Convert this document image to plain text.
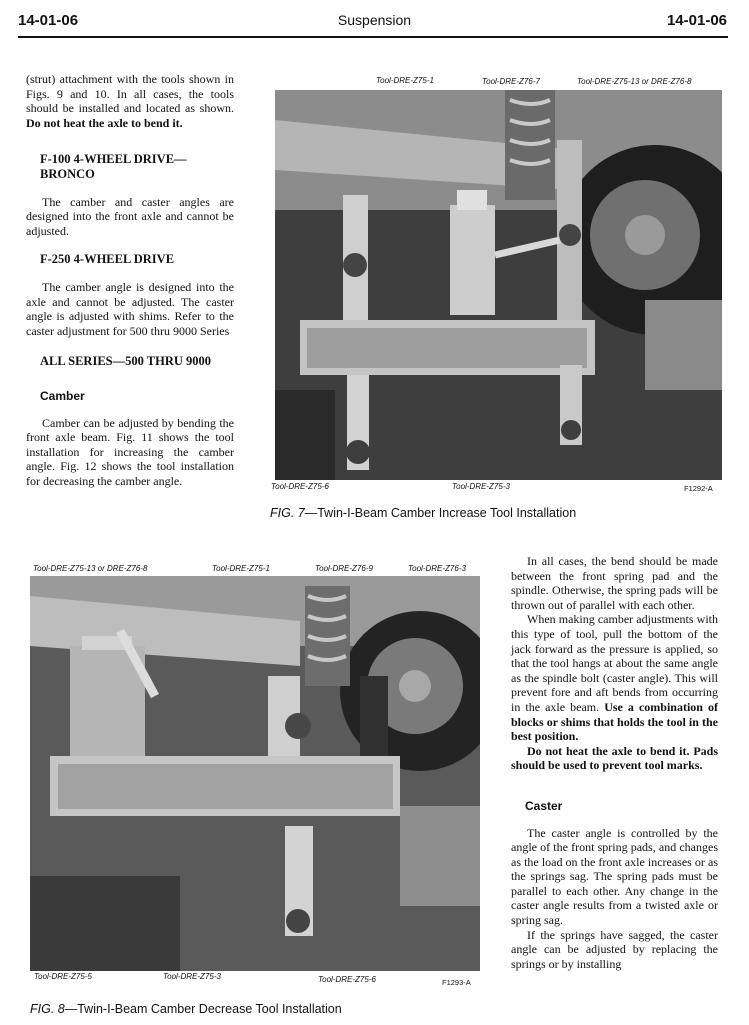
14-01-06	Suspension	14-01-06

(strut) attachment with the tools shown in Figs. 9 and 10. In all cases, the tools should be installed and located as shown. Do not heat the axle to bend it.

F-100 4-WHEEL DRIVE—BRONCO

The camber and caster angles are designed into the front axle and cannot be adjusted.

F-250 4-WHEEL DRIVE

The camber angle is designed into the axle and cannot be adjusted. The caster angle is adjusted with shims. Refer to the caster adjustment for 500 thru 9000 Series

ALL SERIES—500 THRU 9000

Camber

Camber can be adjusted by bending the front axle beam. Fig. 11 shows the tool installation for increasing the camber angle. Fig. 12 shows the tool installation for decreasing the camber angle.

Tool-DRE-Z75-1	Tool-DRE-Z76-7	Tool-DRE-Z75-13 or DRE-Z76-8
Tool-DRE-Z75-6	Tool-DRE-Z75-3	F1292-A
FIG. 7—Twin-I-Beam Camber Increase Tool Installation
Tool-DRE-Z75-13 or DRE-Z76-8	Tool-DRE-Z75-1	Tool-DRE-Z76-9	Tool-DRE-Z76-3
Tool-DRE-Z75-5	Tool-DRE-Z75-3	Tool-DRE-Z75-6	F1293-A
FIG. 8—Twin-I-Beam Camber Decrease Tool Installation

In all cases, the bend should be made between the front spring pad and the spindle. Otherwise, the spring pads will be thrown out of parallel with each other.

When making camber adjustments with this type of tool, pull the bottom of the jack forward as the pressure is applied, so that the tool hangs at about the same angle as the spindle bolt (caster angle). This will prevent fore and aft bends from occurring in the axle beam. Use a combination of blocks or shims that holds the tool in the best position.

Do not heat the axle to bend it. Pads should be used to prevent tool marks.

Caster

The caster angle is controlled by the angle of the front spring pads, and changes as the load on the front axle increases or as the springs sag. The spring pads must be parallel to each other. Any change in the caster angle results from a twisted axle or spring sag.

If the springs have sagged, the caster angle can be adjusted by replacing the springs or by installing
